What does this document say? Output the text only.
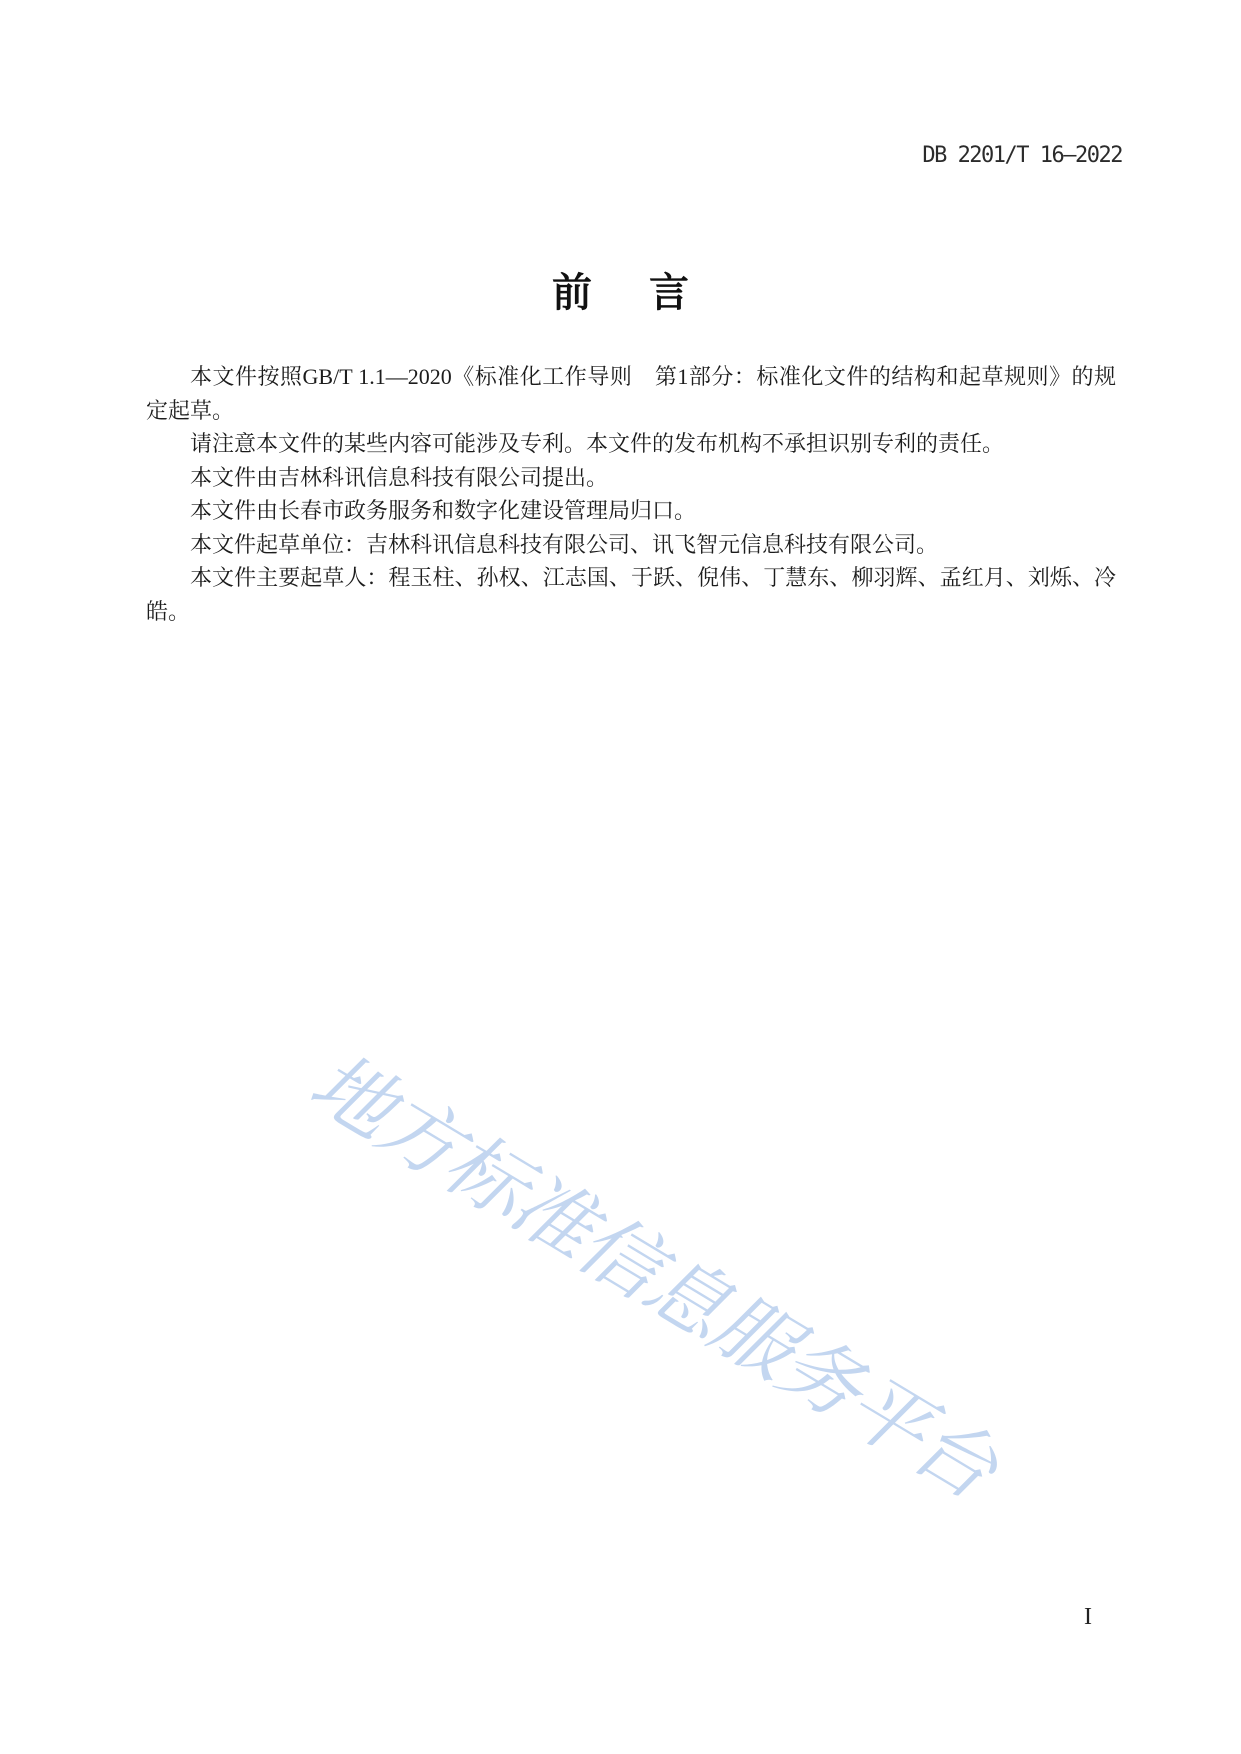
DB 2201/T 16—2022
前 言

本文件按照GB/T 1.1—2020《标准化工作导则　第1部分：标准化文件的结构和起草规则》的规定起草。

请注意本文件的某些内容可能涉及专利。本文件的发布机构不承担识别专利的责任。

本文件由吉林科讯信息科技有限公司提出。

本文件由长春市政务服务和数字化建设管理局归口。

本文件起草单位：吉林科讯信息科技有限公司、讯飞智元信息科技有限公司。

本文件主要起草人：程玉柱、孙权、江志国、于跃、倪伟、丁慧东、柳羽辉、孟红月、刘烁、冷皓。

地方标准信息服务平台
I
